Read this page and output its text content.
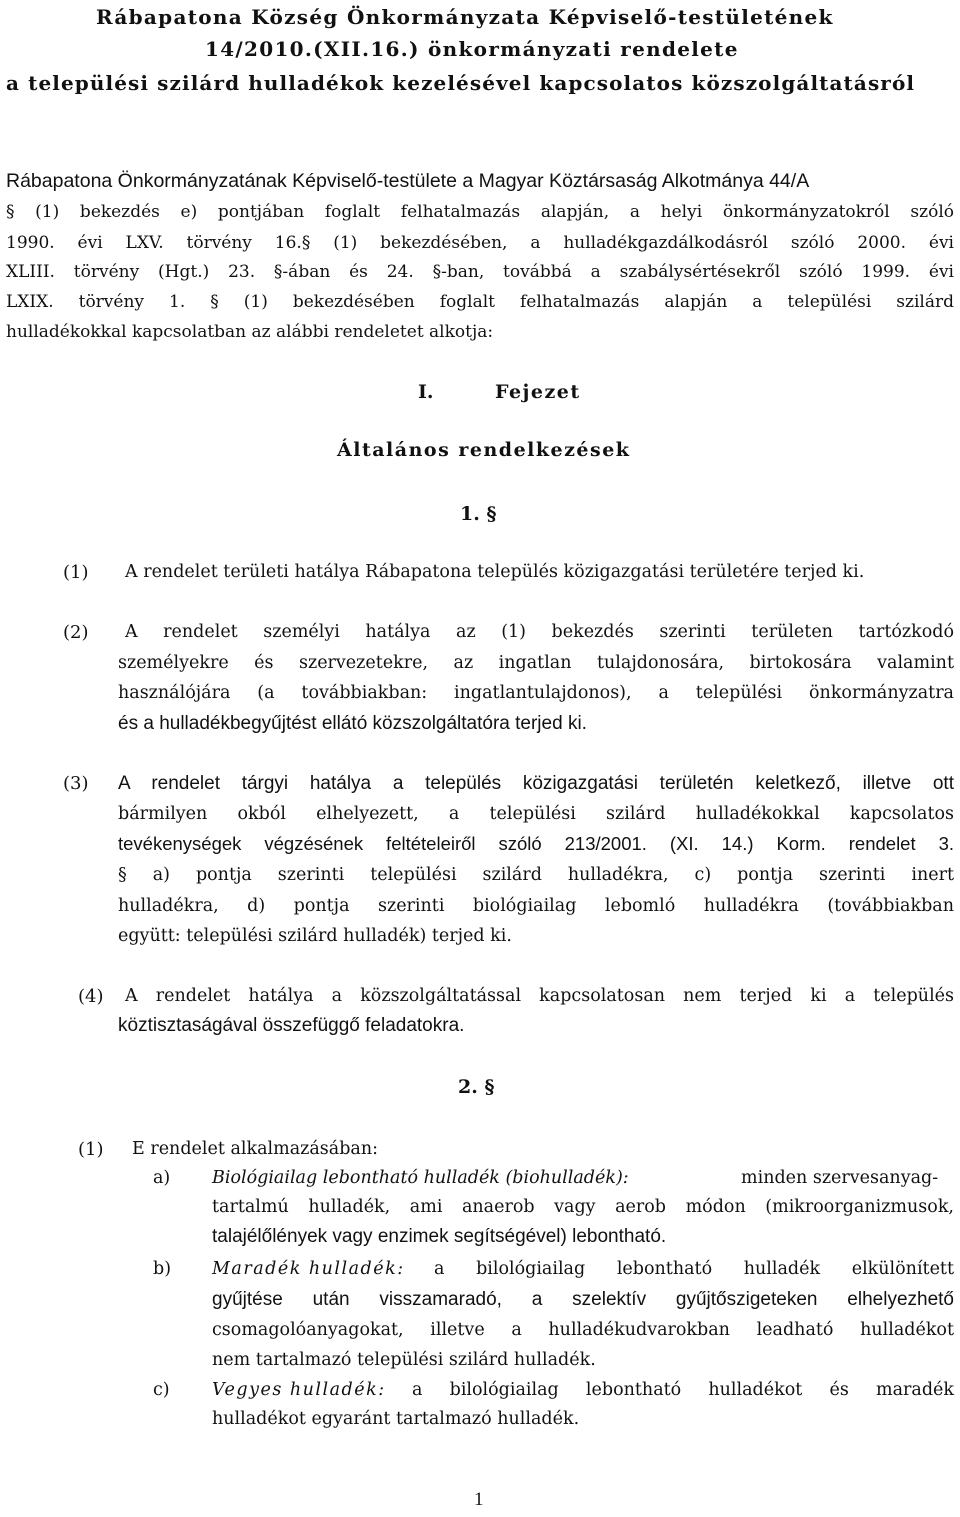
Rábapatona Község Önkormányzata Képviselő-testületének
14/2010.(XII.16.) önkormányzati rendelete
a települési szilárd hulladékok kezelésével kapcsolatos közszolgáltatásról
Rábapatona Önkormányzatának Képviselő-testülete a Magyar Köztársaság Alkotmánya 44/A
§ (1) bekezdés e) pontjában foglalt felhatalmazás alapján, a helyi önkormányzatokról szóló
1990. évi LXV. törvény 16.§ (1) bekezdésében, a hulladékgazdálkodásról szóló 2000. évi
XLIII. törvény (Hgt.) 23. §-ában és 24. §-ban, továbbá a szabálysértésekről szóló 1999. évi
LXIX. törvény 1. § (1) bekezdésében foglalt felhatalmazás alapján a települési szilárd
hulladékokkal kapcsolatban az alábbi rendeletet alkotja:
I.	Fejezet
Általános rendelkezések
1. §
(1) A rendelet területi hatálya Rábapatona település közigazgatási területére terjed ki.
(2) A rendelet személyi hatálya az (1) bekezdés szerinti területen tartózkodó
személyekre és szervezetekre, az ingatlan tulajdonosára, birtokosára valamint
használójára (a továbbiakban: ingatlantulajdonos), a települési önkormányzatra
és a hulladékbegyűjtést ellátó közszolgáltatóra terjed ki.
(3) A rendelet tárgyi hatálya a település közigazgatási területén keletkező, illetve ott
bármilyen okból elhelyezett, a települési szilárd hulladékokkal kapcsolatos
tevékenységek végzésének feltételeiről szóló 213/2001. (XI. 14.) Korm. rendelet 3.
§ a) pontja szerinti települési szilárd hulladékra, c) pontja szerinti inert
hulladékra, d) pontja szerinti biológiailag lebomló hulladékra (továbbiakban
együtt: települési szilárd hulladék) terjed ki.
(4) A rendelet hatálya a közszolgáltatással kapcsolatosan nem terjed ki a település
köztisztaságával összefüggő feladatokra.
2. §
(1) E rendelet alkalmazásában:
a) Biológiailag lebontható hulladék (biohulladék):	minden szervesanyag-
tartalmú hulladék, ami anaerob vagy aerob módon (mikroorganizmusok,
talajélőlények vagy enzimek segítségével) lebontható.
b) Maradék hulladék: a bilológiailag lebontható hulladék elkülönített
gyűjtése után visszamaradó, a szelektív gyűjtőszigeteken elhelyezhető
csomagolóanyagokat, illetve a hulladékudvarokban leadható hulladékot
nem tartalmazó települési szilárd hulladék.
c) Vegyes hulladék: a bilológiailag lebontható hulladékot és maradék
hulladékot egyaránt tartalmazó hulladék.
1
